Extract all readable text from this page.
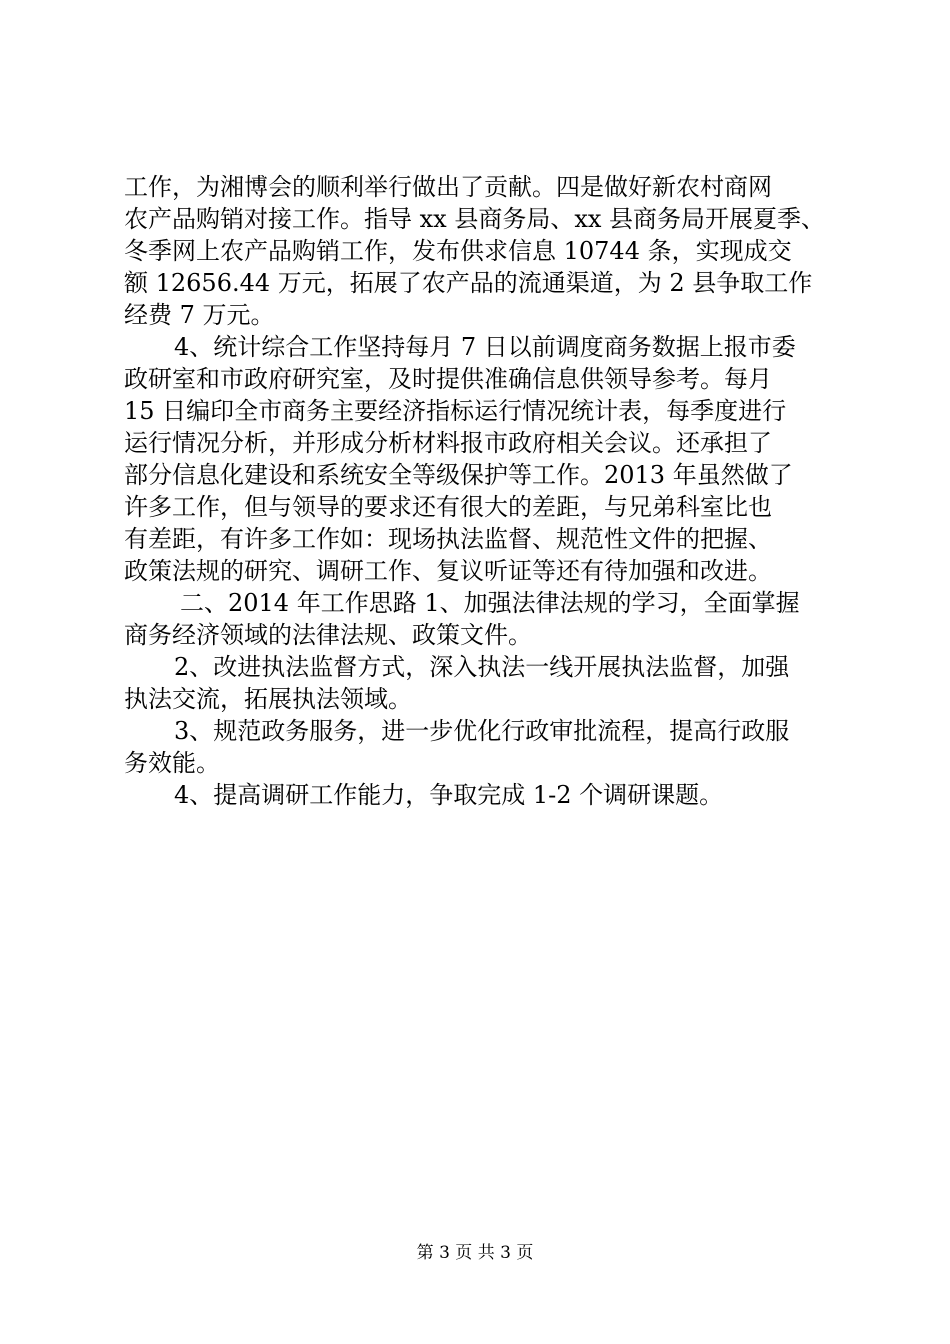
工作，为湘博会的顺利举行做出了贡献。四是做好新农村商网
农产品购销对接工作。指导 xx 县商务局、xx 县商务局开展夏季、
冬季网上农产品购销工作，发布供求信息 10744 条，实现成交
额 12656.44 万元，拓展了农产品的流通渠道，为 2 县争取工作
经费 7 万元。
4、统计综合工作坚持每月 7 日以前调度商务数据上报市委
政研室和市政府研究室，及时提供准确信息供领导参考。每月
15 日编印全市商务主要经济指标运行情况统计表，每季度进行
运行情况分析，并形成分析材料报市政府相关会议。还承担了
部分信息化建设和系统安全等级保护等工作。2013 年虽然做了
许多工作，但与领导的要求还有很大的差距，与兄弟科室比也
有差距，有许多工作如：现场执法监督、规范性文件的把握、
政策法规的研究、调研工作、复议听证等还有待加强和改进。
二、2014 年工作思路 1、加强法律法规的学习，全面掌握
商务经济领域的法律法规、政策文件。
2、改进执法监督方式，深入执法一线开展执法监督，加强
执法交流，拓展执法领域。
3、规范政务服务，进一步优化行政审批流程，提高行政服
务效能。
4、提高调研工作能力，争取完成 1-2 个调研课题。
第 3 页 共 3 页
